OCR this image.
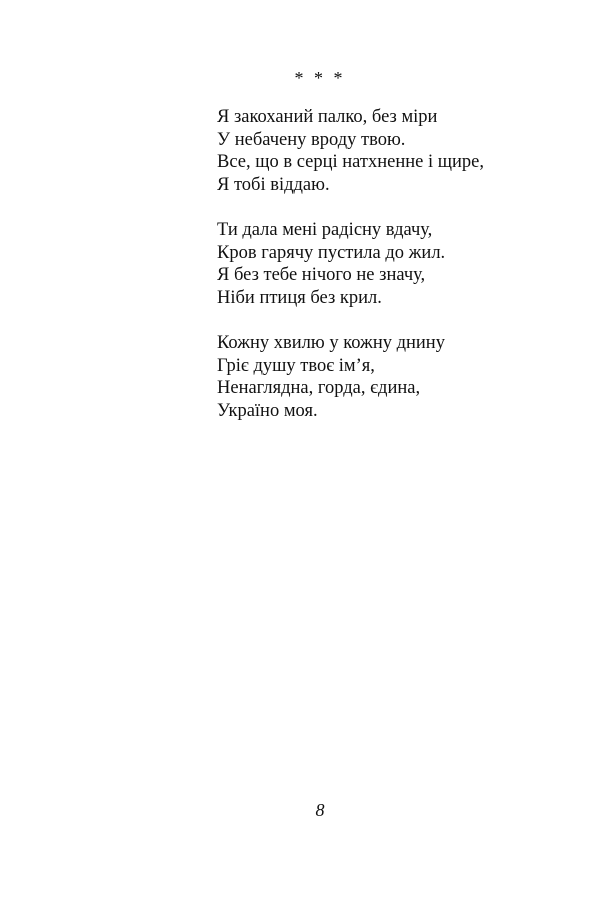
* * *
Я закоханий палко, без міри
У небачену вроду твою.
Все, що в серці натхненне і щире,
Я тобі віддаю.
Ти дала мені радісну вдачу,
Кров гарячу пустила до жил.
Я без тебе нічого не значу,
Ніби птиця без крил.
Кожну хвилю у кожну днину
Гріє душу твоє ім’я,
Ненаглядна, горда, єдина,
Україно моя.
8
